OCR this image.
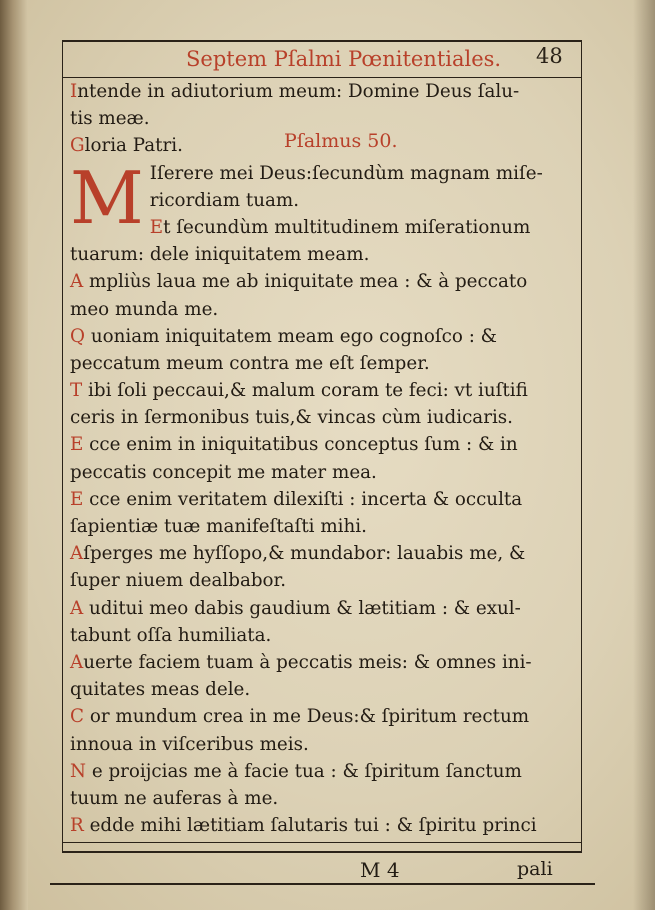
Septem Pſalmi Pœnitentiales. 48
Pſalmus 50.
Intende in adiutorium meum: Domine Deus ſalu-
tis meæ.
Gloria Patri.
M Iſerere mei Deus:ſecundùm magnam miſe-
ricordiam tuam.
Et ſecundùm multitudinem miſerationum
tuarum: dele iniquitatem meam.
A mpliùs laua me ab iniquitate mea : & à peccato
meo munda me.
Q uoniam iniquitatem meam ego cognoſco : &
peccatum meum contra me eſt ſemper.
T ibi ſoli peccaui,& malum coram te feci: vt iuſtifi
ceris in ſermonibus tuis,& vincas cùm iudicaris.
E cce enim in iniquitatibus conceptus ſum : & in
peccatis concepit me mater mea.
E cce enim veritatem dilexiſti : incerta & occulta
ſapientiæ tuæ manifeſtaſti mihi.
Aſperges me hyſſopo,& mundabor: lauabis me, &
ſuper niuem dealbabor.
A uditui meo dabis gaudium & lætitiam : & exul-
tabunt oſſa humiliata.
Auerte faciem tuam à peccatis meis: & omnes ini-
quitates meas dele.
C or mundum crea in me Deus:& ſpiritum rectum
innoua in viſceribus meis.
N e proijcias me à facie tua : & ſpiritum ſanctum
tuum ne auferas à me.
R edde mihi lætitiam ſalutaris tui : & ſpiritu princi
M 4	pali
